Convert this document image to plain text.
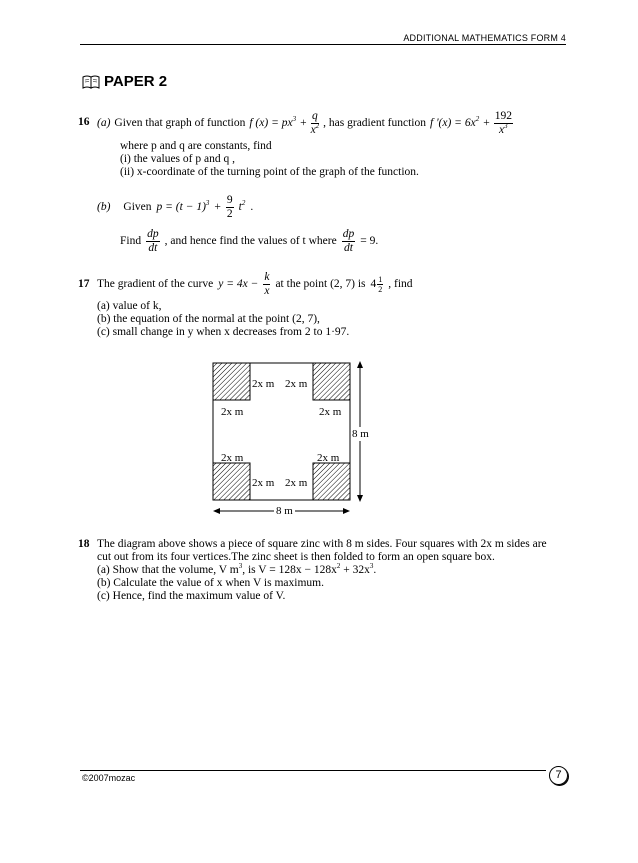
ADDITIONAL MATHEMATICS FORM 4
PAPER 2
16 (a) Given that graph of function f $(x) = px^3 + \frac{q}{x^2}$ , has gradient function f '$(x) = 6x^2 + \frac{192}{x^3}$
where p and q are constants, find
(i) the values of p and q ,
(ii) x-coordinate of the turning point of the graph of the function.
(b) Given $p = (t - 1)^3 + \frac{9}{2} t^2$ .
Find $\frac{dp}{dt}$ , and hence find the values of t where $\frac{dp}{dt} = 9$.
17 The gradient of the curve $y = 4x - \frac{k}{x}$ at the point (2, 7) is $4 \frac{1}{2}$ , find
(a) value of k,
(b) the equation of the normal at the point (2, 7),
(c) small change in y when x decreases from 2 to 1·97.
2x m 2x m
2x m	2x m
2x m	2x m
2x m 2x m
8 m
8 m
18 The diagram above shows a piece of square zinc with 8 m sides. Four squares with 2x m sides are
cut out from its four vertices.The zinc sheet is then folded to form an open square box.
(a) Show that the volume, V $m^3$, is $V = 128x - 128x^2 + 32x^3$.
(b) Calculate the value of x when V is maximum.
(c) Hence, find the maximum value of V.
©2007mozac	7
